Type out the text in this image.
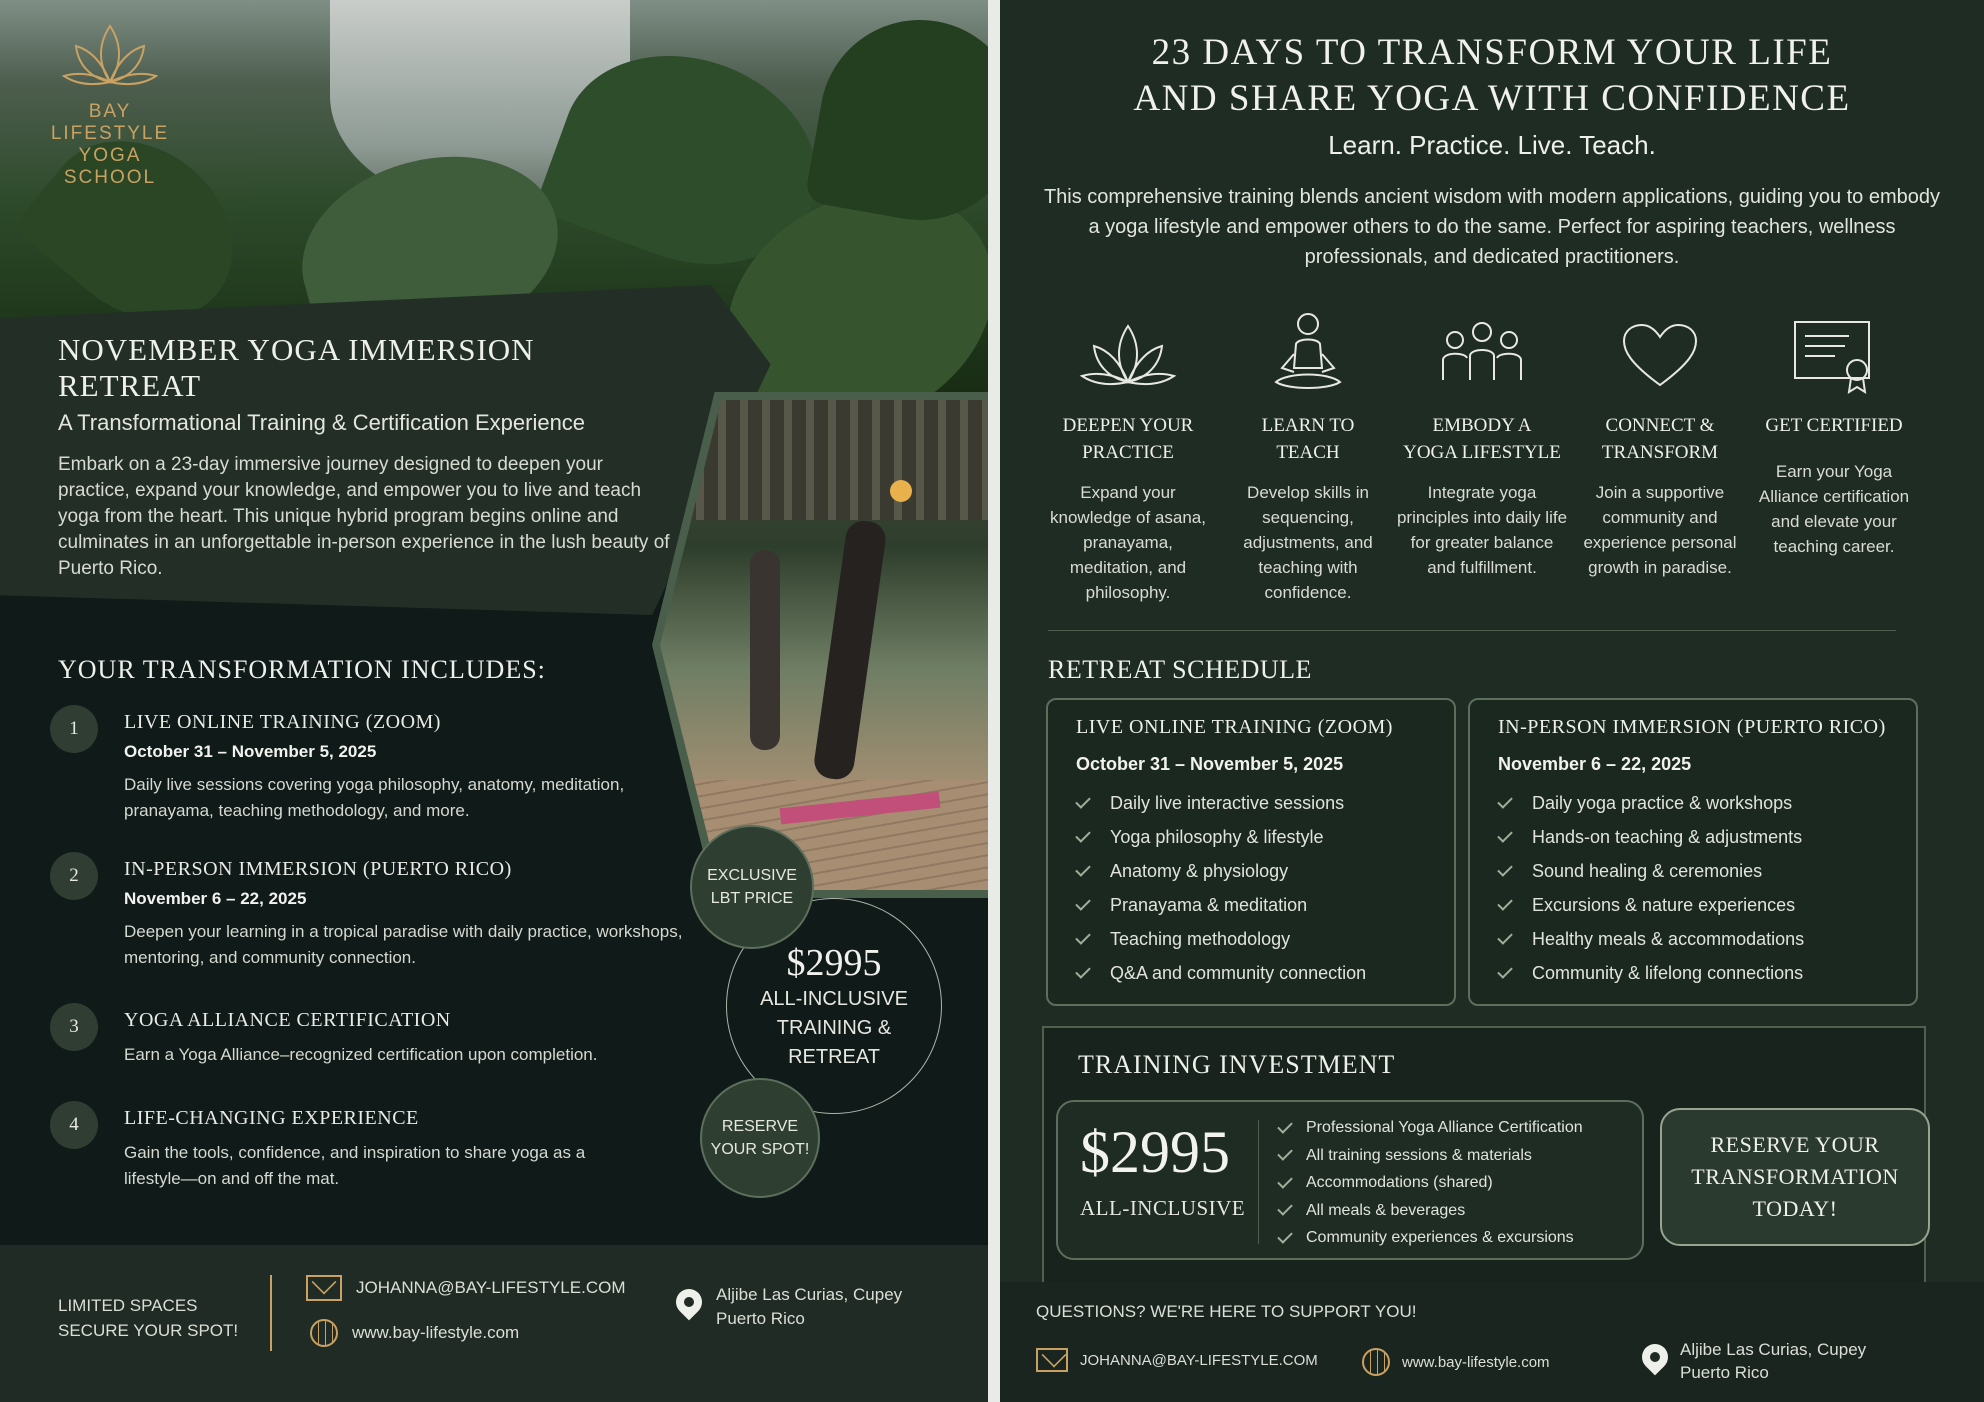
BAY
LIFESTYLE
YOGA
SCHOOL
NOVEMBER YOGA IMMERSION RETREAT
A Transformational Training & Certification Experience
Embark on a 23-day immersive journey designed to deepen your practice, expand your knowledge, and empower you to live and teach yoga from the heart. This unique hybrid program begins online and culminates in an unforgettable in-person experience in the lush beauty of Puerto Rico.
YOUR TRANSFORMATION INCLUDES:
1	LIVE ONLINE TRAINING (ZOOM)
October 31 – November 5, 2025
Daily live sessions covering yoga philosophy, anatomy, meditation, pranayama, teaching methodology, and more.
2	IN-PERSON IMMERSION (PUERTO RICO)
November 6 – 22, 2025
Deepen your learning in a tropical paradise with daily practice, workshops, mentoring, and community connection.
3	YOGA ALLIANCE CERTIFICATION
Earn a Yoga Alliance–recognized certification upon completion.
4	LIFE-CHANGING EXPERIENCE
Gain the tools, confidence, and inspiration to share yoga as a lifestyle—on and off the mat.
$2995
ALL-INCLUSIVE
TRAINING &
RETREAT
EXCLUSIVE
LBT PRICE
RESERVE
YOUR SPOT!
LIMITED SPACES
SECURE YOUR SPOT!
JOHANNA@BAY-LIFESTYLE.COM
www.bay-lifestyle.com
Aljibe Las Curias, Cupey
Puerto Rico
23 DAYS TO TRANSFORM YOUR LIFE
AND SHARE YOGA WITH CONFIDENCE
Learn. Practice. Live. Teach.
This comprehensive training blends ancient wisdom with modern applications, guiding you to embody a yoga lifestyle and empower others to do the same. Perfect for aspiring teachers, wellness professionals, and dedicated practitioners.
DEEPEN YOUR
PRACTICE
Expand your knowledge of asana, pranayama, meditation, and philosophy.
LEARN TO
TEACH
Develop skills in sequencing, adjustments, and teaching with confidence.
EMBODY A
YOGA LIFESTYLE
Integrate yoga principles into daily life for greater balance and fulfillment.
CONNECT &
TRANSFORM
Join a supportive community and experience personal growth in paradise.
GET CERTIFIED
Earn your Yoga Alliance certification and elevate your teaching career.
RETREAT SCHEDULE
LIVE ONLINE TRAINING (ZOOM)
October 31 – November 5, 2025
Daily live interactive sessions
Yoga philosophy & lifestyle
Anatomy & physiology
Pranayama & meditation
Teaching methodology
Q&A and community connection
IN-PERSON IMMERSION (PUERTO RICO)
November 6 – 22, 2025
Daily yoga practice & workshops
Hands-on teaching & adjustments
Sound healing & ceremonies
Excursions & nature experiences
Healthy meals & accommodations
Community & lifelong connections
TRAINING INVESTMENT
$2995
ALL-INCLUSIVE
Professional Yoga Alliance Certification
All training sessions & materials
Accommodations (shared)
All meals & beverages
Community experiences & excursions
RESERVE YOUR
TRANSFORMATION
TODAY!
QUESTIONS? WE'RE HERE TO SUPPORT YOU!
JOHANNA@BAY-LIFESTYLE.COM	www.bay-lifestyle.com
Aljibe Las Curias, Cupey
Puerto Rico
